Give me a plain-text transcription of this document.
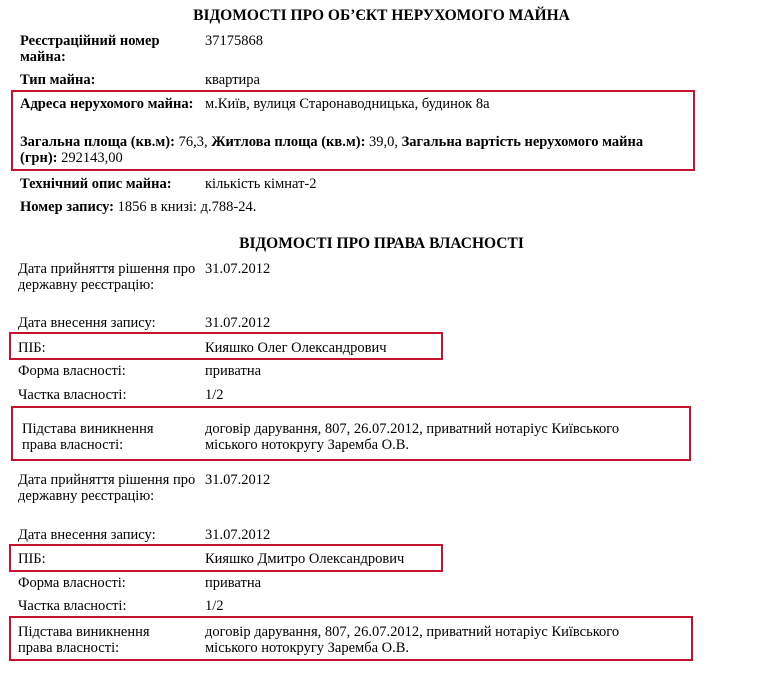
ВІДОМОСТІ ПРО ОБ’ЄКТ НЕРУХОМОГО МАЙНА
Реєстраційний номер майна:
37175868
Тип майна:	квартира
Адреса нерухомого майна: м.Київ, вулиця Старонаводницька, будинок 8а
Загальна площа (кв.м): 76,3, Житлова площа (кв.м): 39,0, Загальна вартість нерухомого майна (грн): 292143,00
Технічний опис майна:	кількість кімнат-2
Номер запису: 1856 в книзі: д.788-24.
ВІДОМОСТІ ПРО ПРАВА ВЛАСНОСТІ
Дата прийняття рішення про державну реєстрацію:
31.07.2012
Дата внесення запису:	31.07.2012
ПІБ:	Кияшко Олег Олександрович
Форма власності:	приватна
Частка власності:	1/2
Підстава виникнення права власності:
договір дарування, 807, 26.07.2012, приватний нотаріус Київського
міського нотокругу Заремба О.В.
Дата прийняття рішення про державну реєстрацію:
31.07.2012
Дата внесення запису:	31.07.2012
ПІБ:	Кияшко Дмитро Олександрович
Форма власності:	приватна
Частка власності:	1/2
Підстава виникнення права власності:
договір дарування, 807, 26.07.2012, приватний нотаріус Київського
міського нотокругу Заремба О.В.
